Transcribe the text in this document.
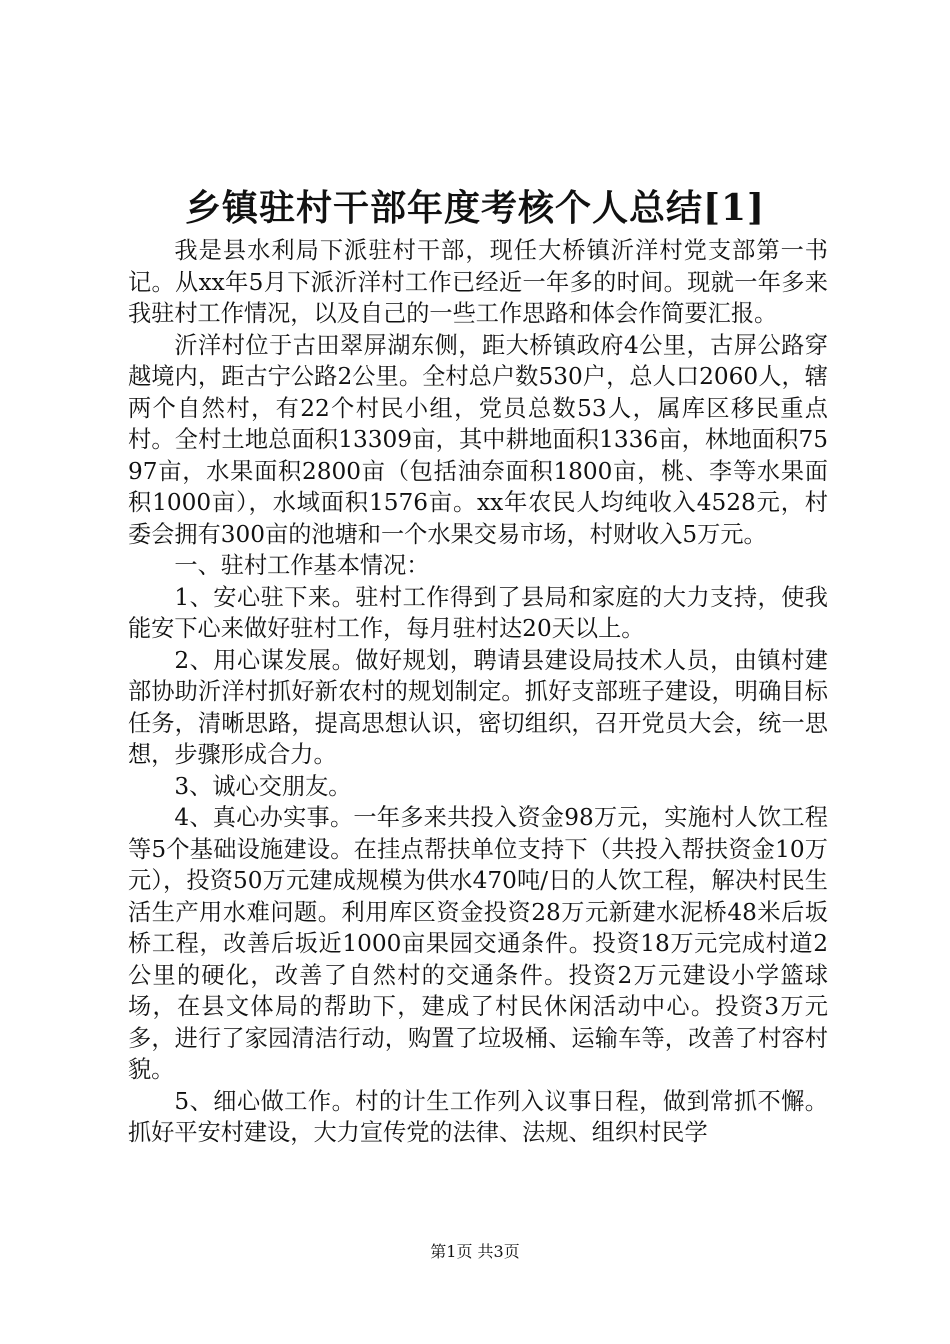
乡镇驻村干部年度考核个人总结[1]

我是县水利局下派驻村干部，现任大桥镇沂洋村党支部第一书记。从xx年5月下派沂洋村工作已经近一年多的时间。现就一年多来我驻村工作情况，以及自己的一些工作思路和体会作简要汇报。

沂洋村位于古田翠屏湖东侧，距大桥镇政府4公里，古屏公路穿越境内，距古宁公路2公里。全村总户数530户，总人口2060人，辖两个自然村，有22个村民小组，党员总数53人，属库区移民重点村。全村土地总面积13309亩，其中耕地面积1336亩，林地面积7597亩，水果面积2800亩（包括油奈面积1800亩，桃、李等水果面积1000亩），水域面积1576亩。xx年农民人均纯收入4528元，村委会拥有300亩的池塘和一个水果交易市场，村财收入5万元。

一、驻村工作基本情况：

1、安心驻下来。驻村工作得到了县局和家庭的大力支持，使我能安下心来做好驻村工作，每月驻村达20天以上。

2、用心谋发展。做好规划，聘请县建设局技术人员，由镇村建部协助沂洋村抓好新农村的规划制定。抓好支部班子建设，明确目标任务，清晰思路，提高思想认识，密切组织，召开党员大会，统一思想，步骤形成合力。

3、诚心交朋友。

4、真心办实事。一年多来共投入资金98万元，实施村人饮工程等5个基础设施建设。在挂点帮扶单位支持下（共投入帮扶资金10万元），投资50万元建成规模为供水470吨/日的人饮工程，解决村民生活生产用水难问题。利用库区资金投资28万元新建水泥桥48米后坂桥工程，改善后坂近1000亩果园交通条件。投资18万元完成村道2公里的硬化，改善了自然村的交通条件。投资2万元建设小学篮球场，在县文体局的帮助下，建成了村民休闲活动中心。投资3万元多，进行了家园清洁行动，购置了垃圾桶、运输车等，改善了村容村貌。

5、细心做工作。村的计生工作列入议事日程，做到常抓不懈。抓好平安村建设，大力宣传党的法律、法规、组织村民学

第1页 共3页
